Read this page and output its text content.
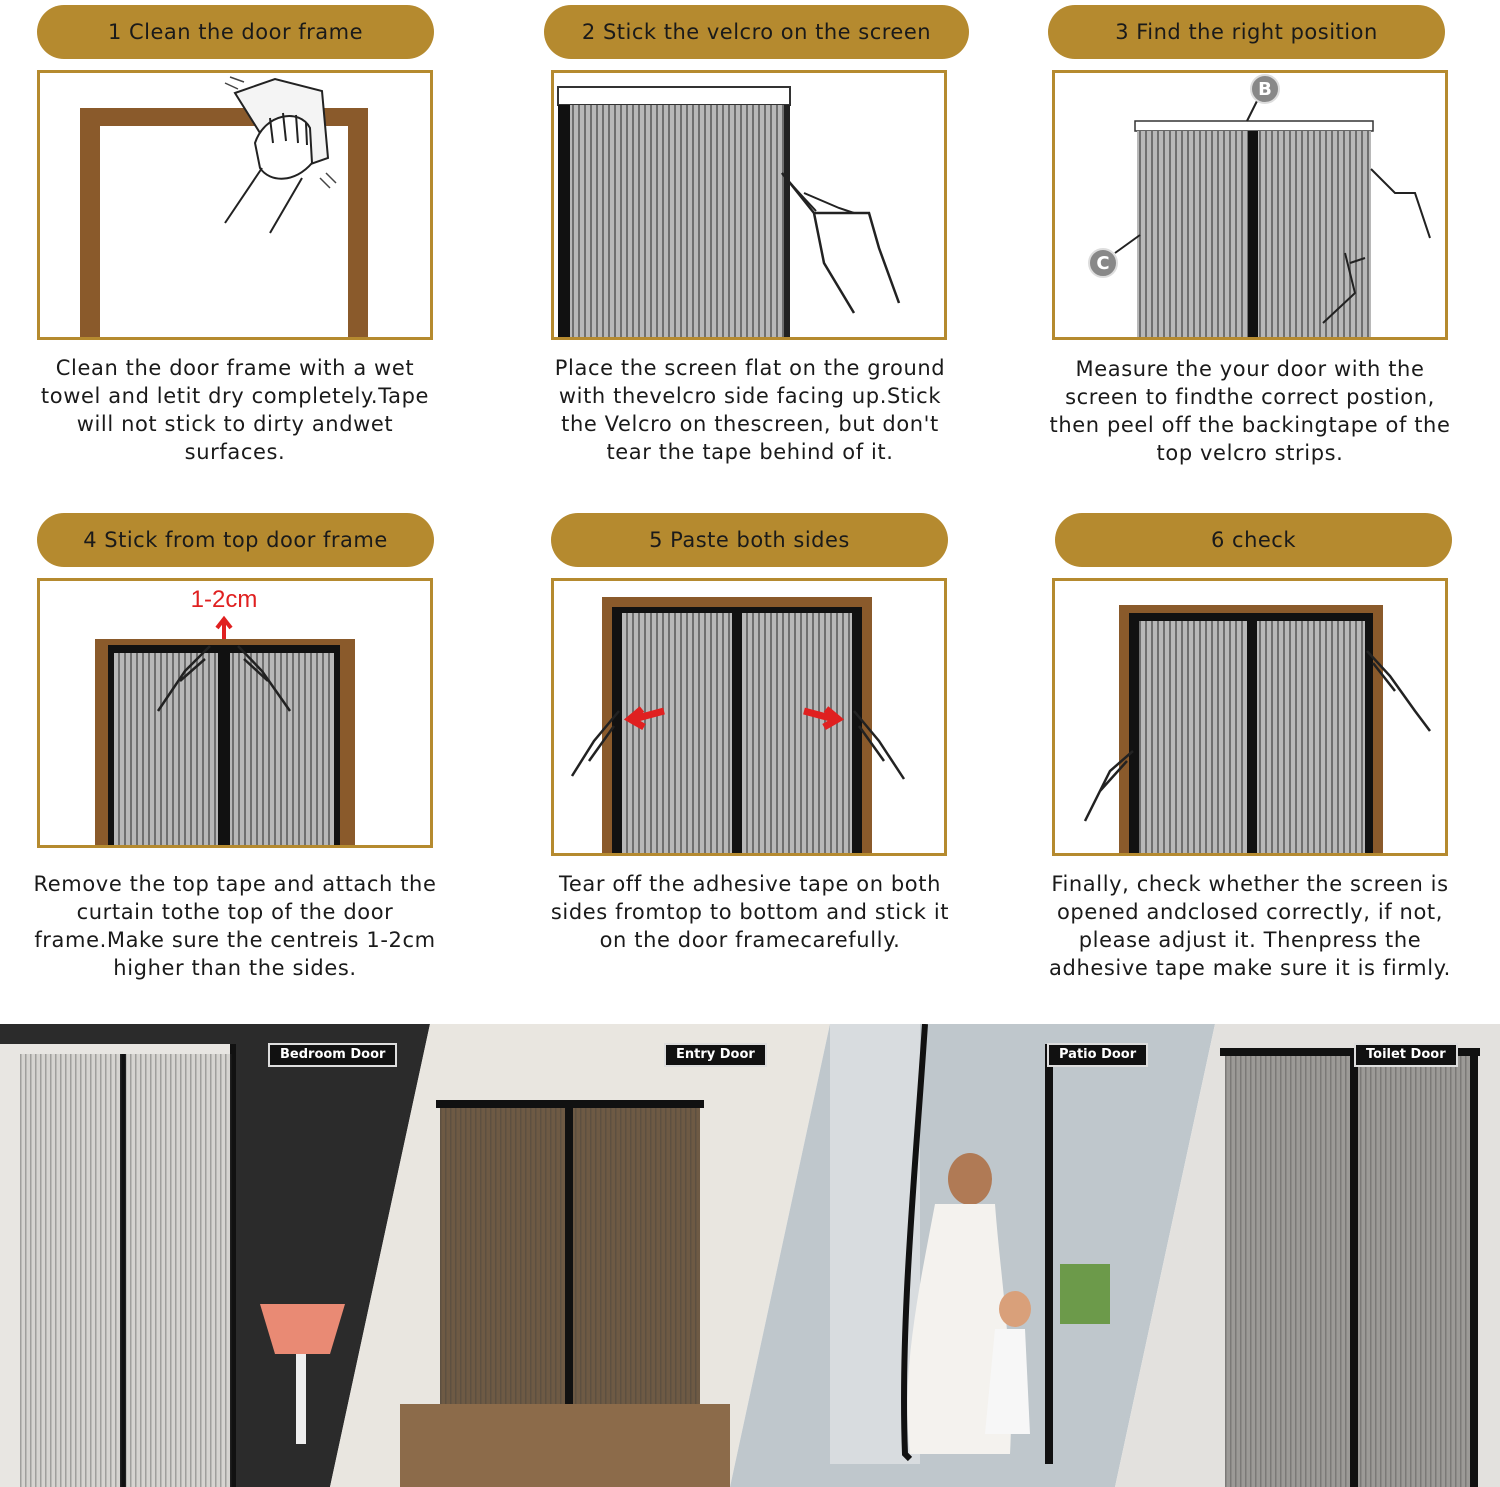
1 Clean the door frame	2 Stick the velcro on the screen	3 Find the right position
B
C
Clean the door frame with a wet towel and letit dry completely.Tape will not stick to dirty andwet surfaces.
Place the screen flat on the ground with thevelcro side facing up.Stick the Velcro on thescreen, but don't tear the tape behind of it.
Measure the your door with the screen to findthe correct postion, then peel off the backingtape of the top velcro strips.
4 Stick from top door frame	5 Paste both sides	6 check
1-2cm
Remove the top tape and attach the curtain tothe top of the door frame.Make sure the centreis 1-2cm higher than the sides.
Tear off the adhesive tape on both sides fromtop to bottom and stick it on the door framecarefully.
Finally, check whether the screen is opened andclosed correctly, if not, please adjust it. Thenpress the adhesive tape make sure it is firmly.
Bedroom Door	Entry Door	Patio Door	Toilet Door
